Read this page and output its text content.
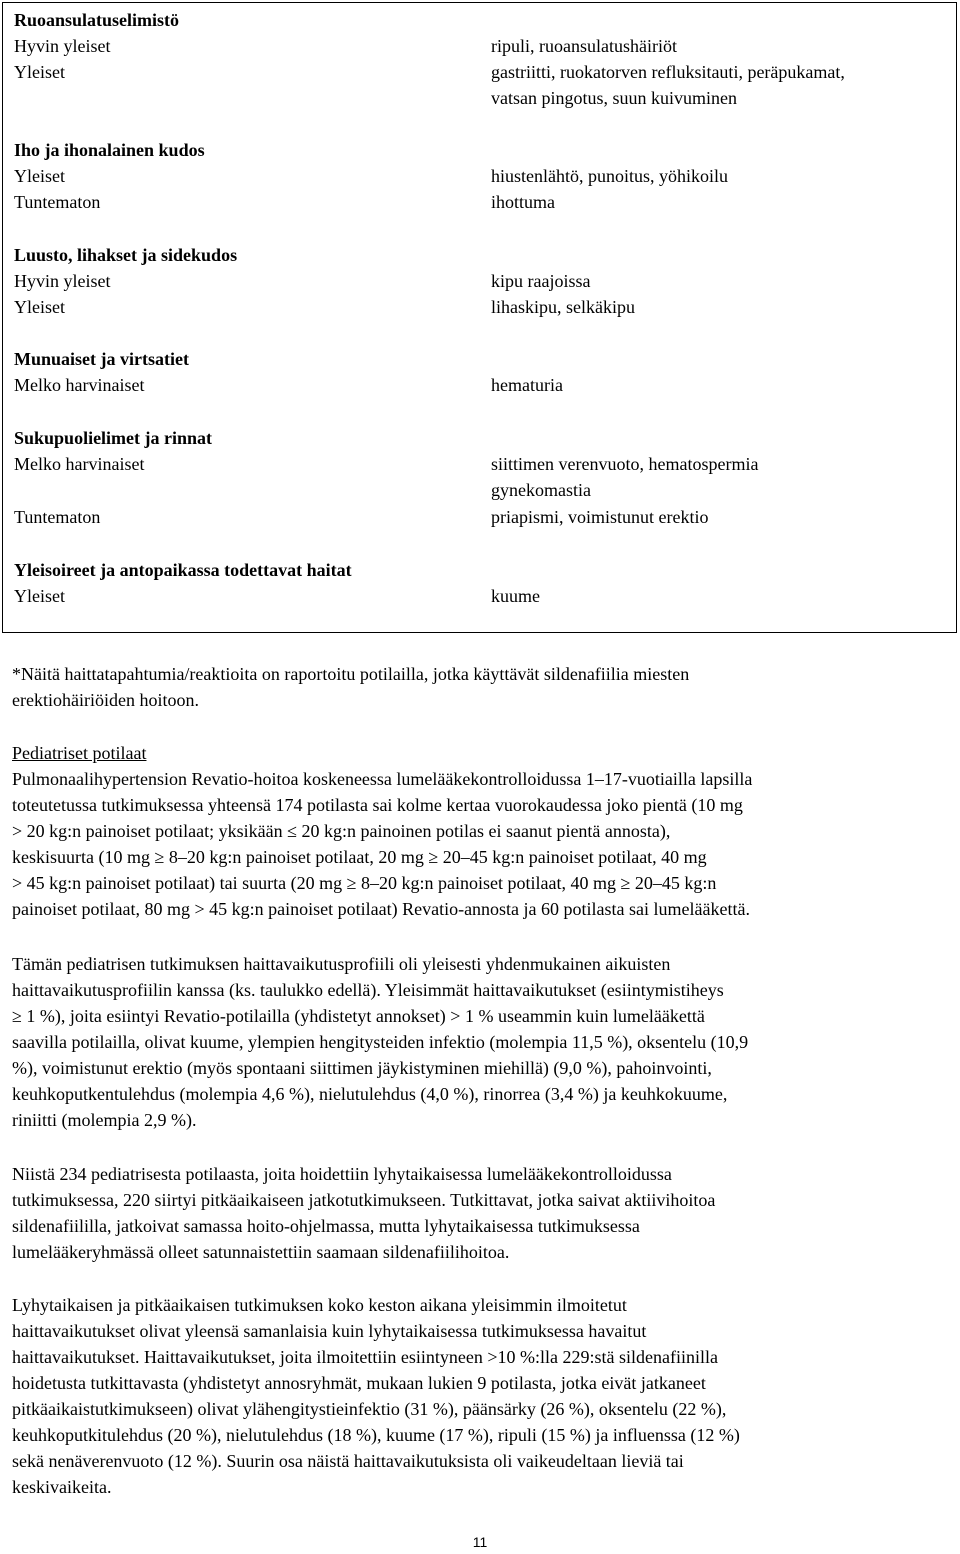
Ruoansulatuselimistö
Hyvin yleiset
Yleiset
Iho ja ihonalainen kudos
Yleiset
Tuntematon
Luusto, lihakset ja sidekudos
Hyvin yleiset
Yleiset
Munuaiset ja virtsatiet
Melko harvinaiset
Sukupuolielimet ja rinnat
Melko harvinaiset
Tuntematon
Yleisoireet ja antopaikassa todettavat haitat
Yleiset
ripuli, ruoansulatushäiriöt
gastriitti, ruokatorven refluksitauti, peräpukamat,
vatsan pingotus, suun kuivuminen
hiustenlähtö, punoitus, yöhikoilu
ihottuma
kipu raajoissa
lihaskipu, selkäkipu
hematuria
siittimen verenvuoto, hematospermia
gynekomastia
priapismi, voimistunut erektio
kuume
*Näitä haittatapahtumia/reaktioita on raportoitu potilailla, jotka käyttävät sildenafiilia miesten
erektiohäiriöiden hoitoon.
Pediatriset potilaat
Pulmonaalihypertension Revatio-hoitoa koskeneessa lumelääkekontrolloidussa 1–17-vuotiailla lapsilla
toteutetussa tutkimuksessa yhteensä 174 potilasta sai kolme kertaa vuorokaudessa joko pientä (10 mg
> 20 kg:n painoiset potilaat; yksikään ≤ 20 kg:n painoinen potilas ei saanut pientä annosta),
keskisuurta (10 mg ≥ 8–20 kg:n painoiset potilaat, 20 mg ≥ 20–45 kg:n painoiset potilaat, 40 mg
> 45 kg:n painoiset potilaat) tai suurta (20 mg ≥ 8–20 kg:n painoiset potilaat, 40 mg ≥ 20–45 kg:n
painoiset potilaat, 80 mg > 45 kg:n painoiset potilaat) Revatio-annosta ja 60 potilasta sai lumelääkettä.
Tämän pediatrisen tutkimuksen haittavaikutusprofiili oli yleisesti yhdenmukainen aikuisten
haittavaikutusprofiilin kanssa (ks. taulukko edellä). Yleisimmät haittavaikutukset (esiintymistiheys
≥ 1 %), joita esiintyi Revatio-potilailla (yhdistetyt annokset) > 1 % useammin kuin lumelääkettä
saavilla potilailla, olivat kuume, ylempien hengitysteiden infektio (molempia 11,5 %), oksentelu (10,9
%), voimistunut erektio (myös spontaani siittimen jäykistyminen miehillä) (9,0 %), pahoinvointi,
keuhkoputkentulehdus (molempia 4,6 %), nielutulehdus (4,0 %), rinorrea (3,4 %) ja keuhkokuume,
riniitti (molempia 2,9 %).
Niistä 234 pediatrisesta potilaasta, joita hoidettiin lyhytaikaisessa lumelääkekontrolloidussa
tutkimuksessa, 220 siirtyi pitkäaikaiseen jatkotutkimukseen. Tutkittavat, jotka saivat aktiivihoitoa
sildenafiililla, jatkoivat samassa hoito-ohjelmassa, mutta lyhytaikaisessa tutkimuksessa
lumelääkeryhmässä olleet satunnaistettiin saamaan sildenafiilihoitoa.
Lyhytaikaisen ja pitkäaikaisen tutkimuksen koko keston aikana yleisimmin ilmoitetut
haittavaikutukset olivat yleensä samanlaisia kuin lyhytaikaisessa tutkimuksessa havaitut
haittavaikutukset. Haittavaikutukset, joita ilmoitettiin esiintyneen >10 %:lla 229:stä sildenafiinilla
hoidetusta tutkittavasta (yhdistetyt annosryhmät, mukaan lukien 9 potilasta, jotka eivät jatkaneet
pitkäaikaistutkimukseen) olivat ylähengitystieinfektio (31 %), päänsärky (26 %), oksentelu (22 %),
keuhkoputkitulehdus (20 %), nielutulehdus (18 %), kuume (17 %), ripuli (15 %) ja influenssa (12 %)
sekä nenäverenvuoto (12 %). Suurin osa näistä haittavaikutuksista oli vaikeudeltaan lieviä tai
keskivaikeita.
11
